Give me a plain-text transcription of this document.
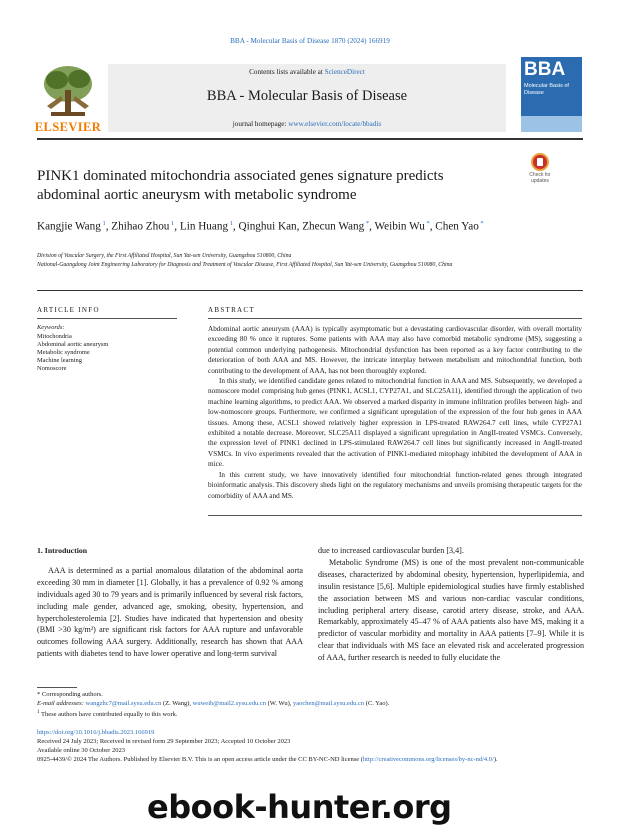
BBA - Molecular Basis of Disease 1870 (2024) 166919
ELSEVIER
Contents lists available at ScienceDirect
BBA - Molecular Basis of Disease
journal homepage: www.elsevier.com/locate/bbadis
BBA
Molecular Basis of Disease
PINK1 dominated mitochondria associated genes signature predicts abdominal aortic aneurysm with metabolic syndrome
Check for updates
Kangjie Wang $^1$, Zhihao Zhou $^1$, Lin Huang $^1$, Qinghui Kan, Zhecun Wang *, Weibin Wu *, Chen Yao *
Division of Vascular Surgery, the First Affiliated Hospital, Sun Yat-sen University, Guangzhou 510800, China
National-Guangdong Joint Engineering Laboratory for Diagnosis and Treatment of Vascular Disease, First Affiliated Hospital, Sun Yat-sen University, Guangzhou 510080, China
ARTICLE INFO
Keywords:
Mitochondria
Abdominal aortic aneurysm
Metabolic syndrome
Machine learning
Nomoscore
ABSTRACT

Abdominal aortic aneurysm (AAA) is typically asymptomatic but a devastating cardiovascular disorder, with overall mortality exceeding 80 % once it ruptures. Some patients with AAA may also have comorbid metabolic syndrome (MS), suggesting a potential common underlying pathogenesis. Mitochondrial dysfunction has been reported as a key factor contributing to the deterioration of both AAA and MS. However, the intricate interplay between metabolism and mitochondrial function, both contributing to the development of AAA, has not been thoroughly explored.

In this study, we identified candidate genes related to mitochondrial function in AAA and MS. Subsequently, we developed a nomoscore model comprising hub genes (PINK1, ACSL1, CYP27A1, and SLC25A11), identified through the application of two machine learning algorithms, to predict AAA. We observed a marked disparity in immune infiltration profiles between high- and low-nomoscore groups. Furthermore, we confirmed a significant upregulation of the expression of the four hub genes in AAA tissues. Among these, ACSL1 showed relatively higher expression in LPS-treated RAW264.7 cell lines, while CYP27A1 exhibited a notable decrease. Moreover, SLC25A11 displayed a significant upregulation in AngII-treated VSMCs. Conversely, the expression level of PINK1 declined in LPS-stimulated RAW264.7 cell lines but significantly increased in AngII-treated VSMCs. In vivo experiments revealed that the activation of PINK1-mediated mitophagy inhibited the development of AAA in mice.

In this current study, we have innovatively identified four mitochondrial function-related genes through integrated bioinformatic analysis. This discovery sheds light on the regulatory mechanisms and unveils promising therapeutic targets for the comorbidity of AAA and MS.

1. Introduction

AAA is determined as a partial anomalous dilatation of the abdominal aorta exceeding 30 mm in diameter [1]. Globally, it has a prevalence of 0.92 % among individuals aged 30 to 79 years and is primarily influenced by several risk factors, including male gender, advanced age, smoking, obesity, hypertension, and hypercholesterolemia [2]. Studies have indicated that hypertension and obesity (BMI >30 kg/m²) are significant risk factors for AAA rupture and unfavorable outcomes following AAA surgery. Additionally, research has shown that AAA patients with diabetes tend to have lower operative and long-term survival

due to increased cardiovascular burden [3,4].

Metabolic Syndrome (MS) is one of the most prevalent non-communicable diseases, characterized by abdominal obesity, hypertension, hyperlipidemia, and insulin resistance [5,6]. Multiple epidemiological studies have firmly established the association between MS and various non-cardiac vascular conditions, including peripheral artery disease, carotid artery disease, stroke, and AAA. Remarkably, approximately 45–47 % of AAA patients also have MS, making it a predictor of vascular morbidity and mortality in AAA patients [7–9]. While it is clear that individuals with MS face an elevated risk and accelerated progression of AAA, further research is needed to fully elucidate the

* Corresponding authors.
E-mail addresses: wangzhc7@mail.sysu.edu.cn (Z. Wang), wuweib@mail2.sysu.edu.cn (W. Wu), yaochen@mail.sysu.edu.cn (C. Yao).
$^1$ These authors have contributed equally to this work.
https://doi.org/10.1016/j.bbadis.2023.166919
Received 24 July 2023; Received in revised form 29 September 2023; Accepted 10 October 2023
Available online 30 October 2023
0925-4439/© 2024 The Authors. Published by Elsevier B.V. This is an open access article under the CC BY-NC-ND license (http://creativecommons.org/licenses/by-nc-nd/4.0/).
ebook-hunter.org
